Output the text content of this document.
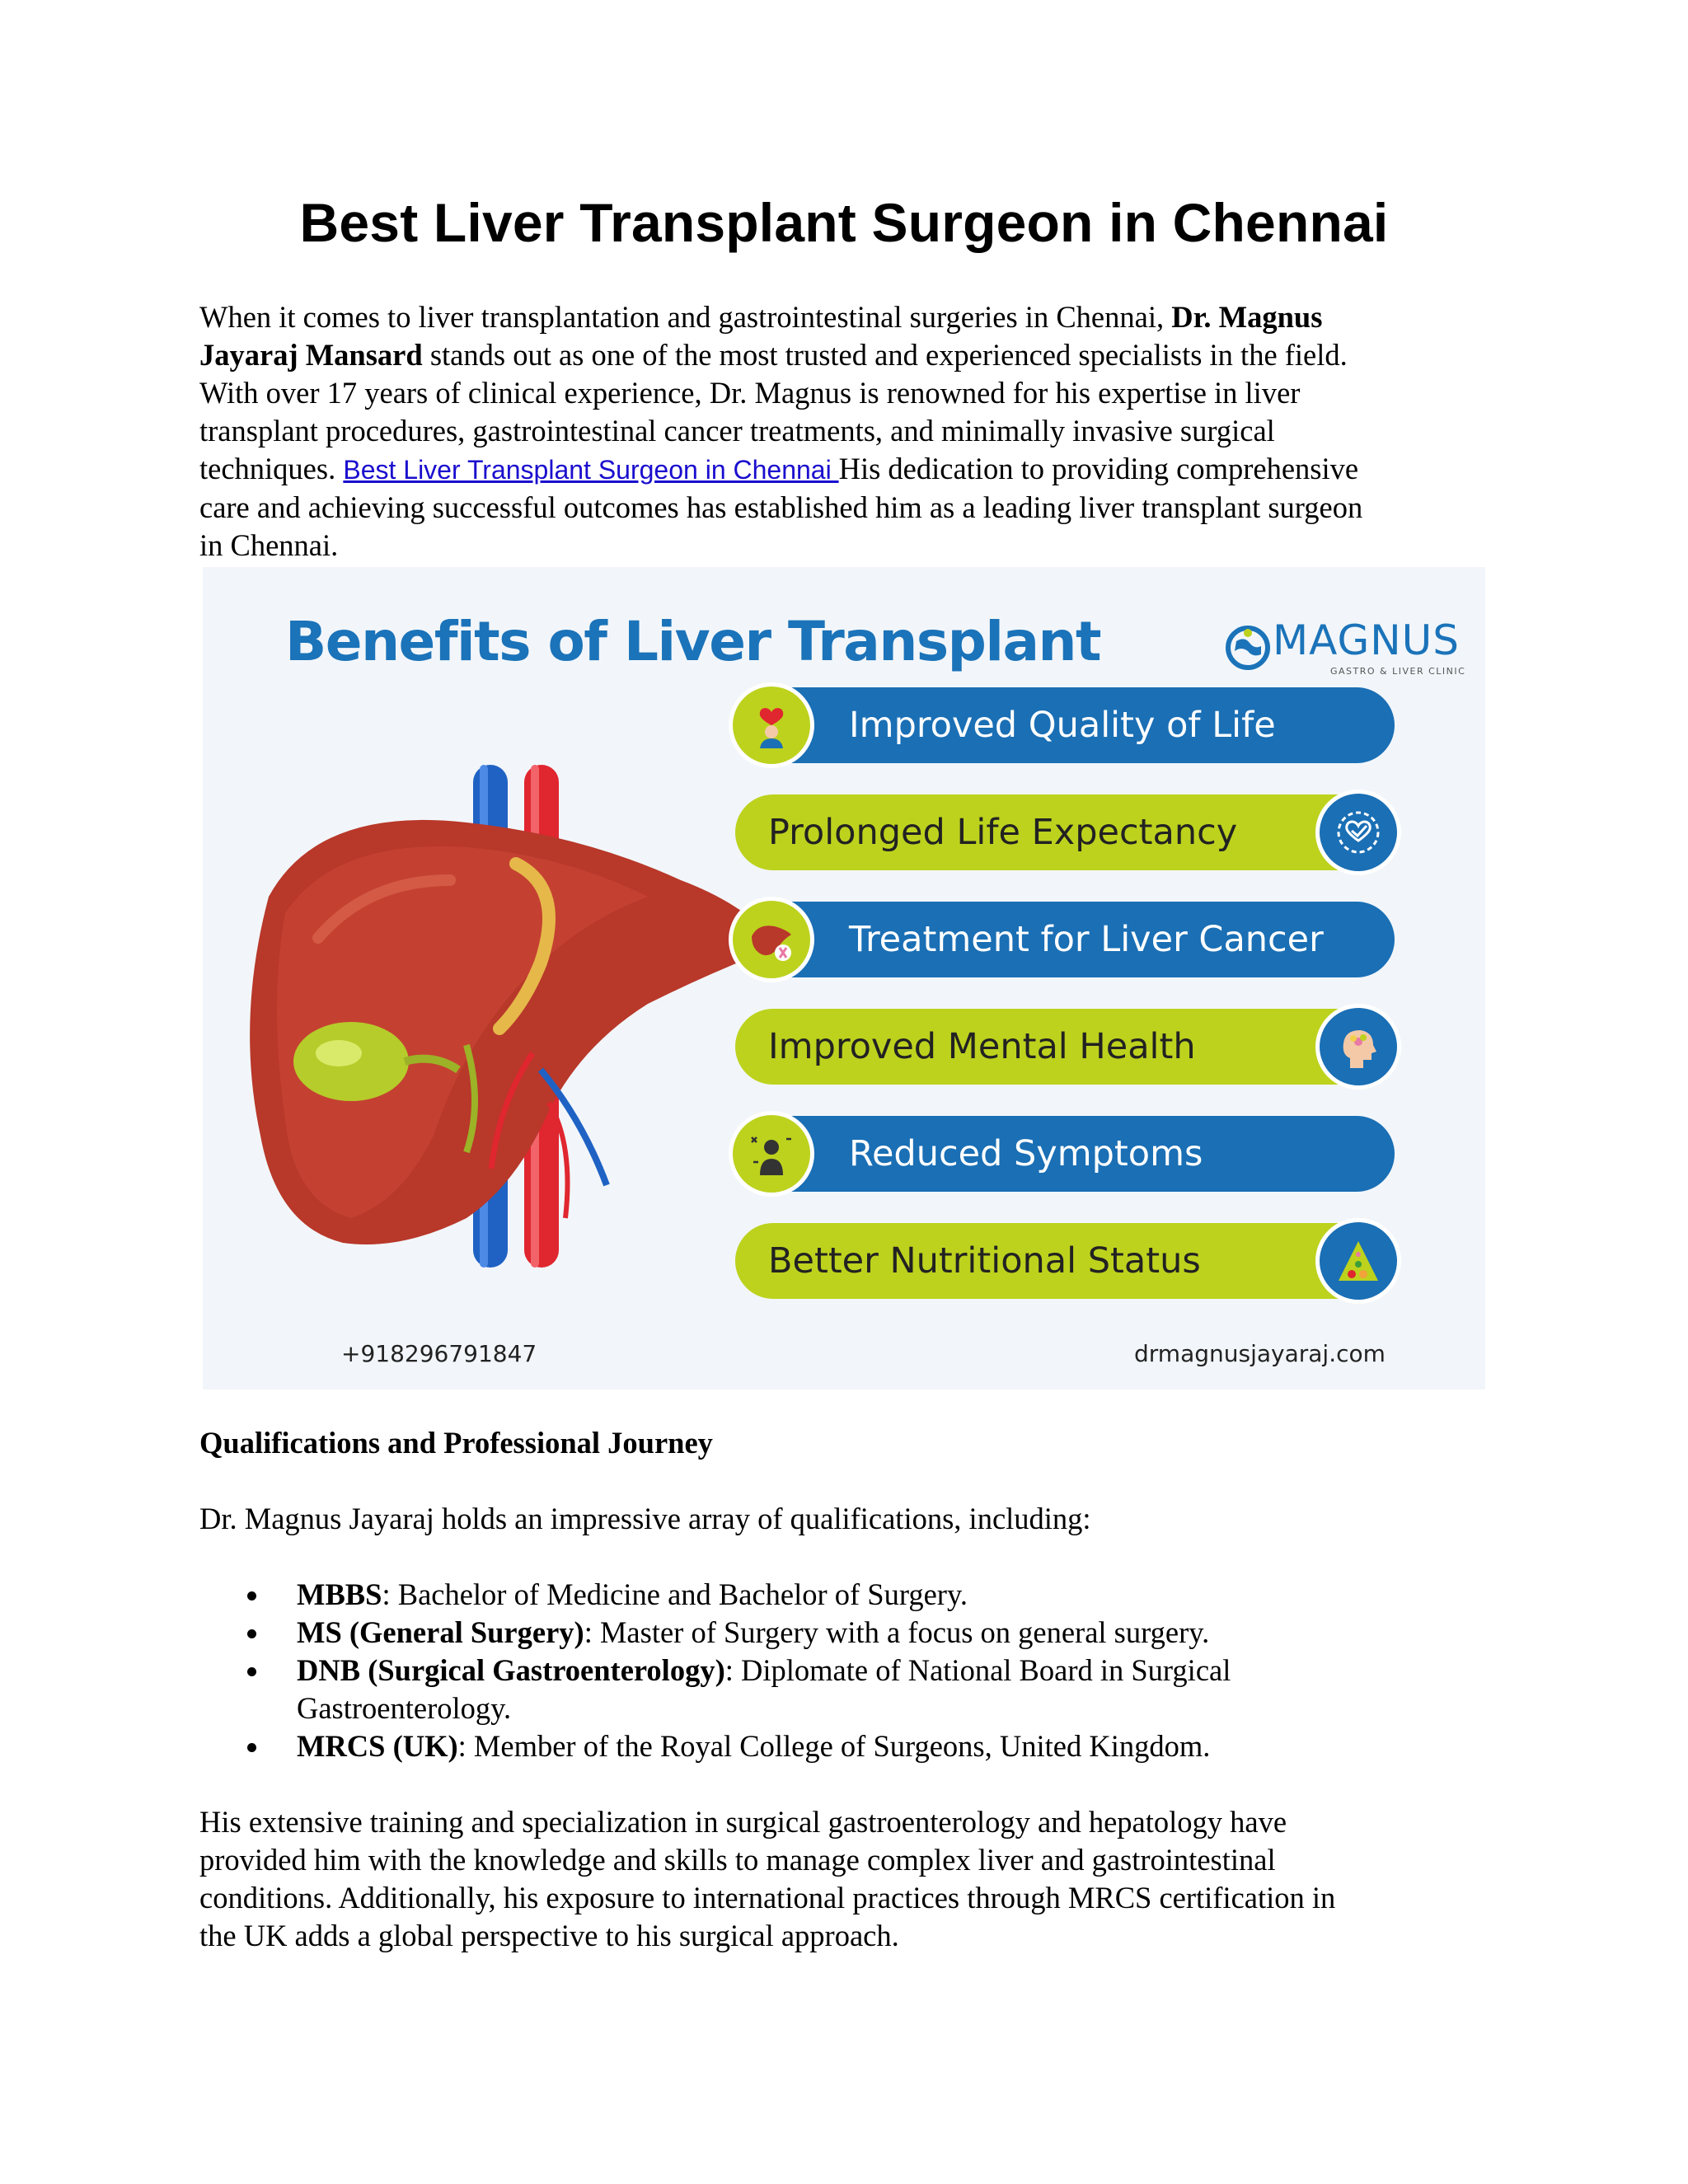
Best Liver Transplant Surgeon in Chennai

When it comes to liver transplantation and gastrointestinal surgeries in Chennai, Dr. Magnus
Jayaraj Mansard stands out as one of the most trusted and experienced specialists in the field.
With over 17 years of clinical experience, Dr. Magnus is renowned for his expertise in liver
transplant procedures, gastrointestinal cancer treatments, and minimally invasive surgical
techniques. Best Liver Transplant Surgeon in Chennai His dedication to providing comprehensive
care and achieving successful outcomes has established him as a leading liver transplant surgeon
in Chennai.

Benefits of Liver Transplant	MAGNUS
GASTRO & LIVER CLINIC
Improved Quality of Life
Prolonged Life Expectancy
Treatment for Liver Cancer
Improved Mental Health
Reduced Symptoms
Better Nutritional Status
+918296791847	drmagnusjayaraj.com
Qualifications and Professional Journey

Dr. Magnus Jayaraj holds an impressive array of qualifications, including:

MBBS: Bachelor of Medicine and Bachelor of Surgery.
MS (General Surgery): Master of Surgery with a focus on general surgery.
DNB (Surgical Gastroenterology): Diplomate of National Board in Surgical
Gastroenterology.
MRCS (UK): Member of the Royal College of Surgeons, United Kingdom.

His extensive training and specialization in surgical gastroenterology and hepatology have
provided him with the knowledge and skills to manage complex liver and gastrointestinal
conditions. Additionally, his exposure to international practices through MRCS certification in
the UK adds a global perspective to his surgical approach.
